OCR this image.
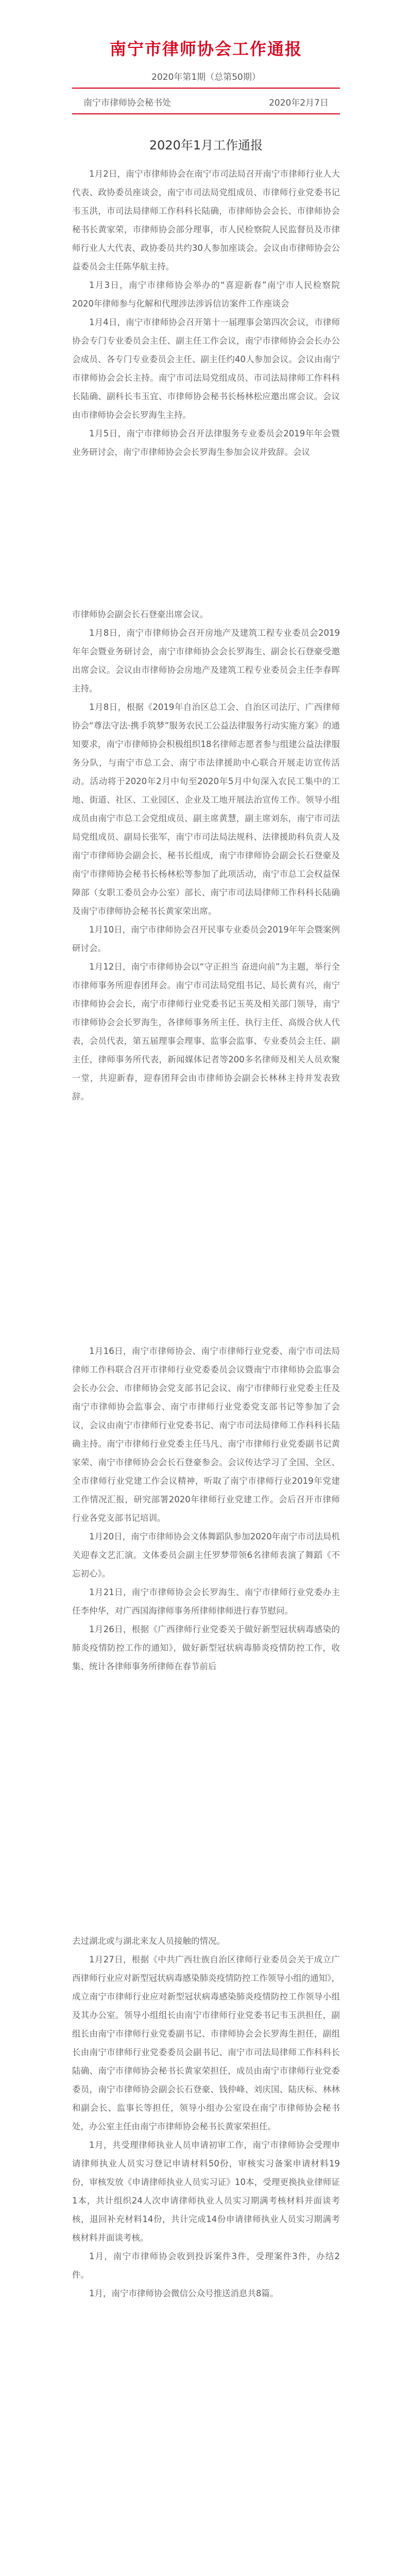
南宁市律师协会工作通报
2020年第1期（总第50期）
南宁市律师协会秘书处	2020年2月7日
2020年1月工作通报

1月2日，南宁市律师协会在南宁市司法局召开南宁市律师行业人大代表、政协委员座谈会，南宁市司法局党组成员、市律师行业党委书记韦玉洪，市司法局律师工作科科长陆确，市律师协会会长、市律师协会秘书长黄家荣，市律师协会部分理事，市人民检察院人民监督员及市律师行业人大代表、政协委员共约30人参加座谈会。会议由市律师协会公益委员会主任陈华航主持。

1月3日，南宁市律师协会举办的“喜迎新春”南宁市人民检察院2020年律师参与化解和代理涉法涉诉信访案件工作座谈会

1月4日，南宁市律师协会召开第十一届理事会第四次会议，市律师协会专门专业委员会主任、副主任工作会议，南宁市律师协会会长办公会成员、各专门专业委员会主任、副主任约40人参加会议。会议由南宁市律师协会会长主持。南宁市司法局党组成员、市司法局律师工作科科长陆确、副科长韦玉宜、市律师协会秘书长杨林松应邀出席会议。会议由市律师协会会长罗海生主持。

1月5日，南宁市律师协会召开法律服务专业委员会2019年年会暨业务研讨会，南宁市律师协会会长罗海生参加会议并致辞。会议

市律师协会副会长石登豪出席会议。

1月8日，南宁市律师协会召开房地产及建筑工程专业委员会2019年年会暨业务研讨会，南宁市律师协会会长罗海生、副会长石登豪受邀出席会议。会议由市律师协会房地产及建筑工程专业委员会主任李春晖主持。

1月8日，根据《2019年自治区总工会、自治区司法厅、广西律师协会“尊法守法·携手筑梦”服务农民工公益法律服务行动实施方案》的通知要求，南宁市律师协会积极组织18名律师志愿者参与组建公益法律服务分队，与南宁市总工会、南宁市法律援助中心联合开展走访宣传活动。活动将于2020年2月中旬至2020年5月中旬深入农民工集中的工地、街道、社区、工业园区、企业及工地开展法治宣传工作。领导小组成员由南宁市总工会党组成员、副主席黄慧，副主席刘东，南宁市司法局党组成员、副局长张军，南宁市司法局法规科、法律援助科负责人及南宁市律师协会副会长、秘书长组成，南宁市律师协会副会长石登豪及南宁市律师协会秘书长杨林松等参加了此项活动，南宁市总工会权益保障部（女职工委员会办公室）部长、南宁市司法局律师工作科科长陆确及南宁市律师协会秘书长黄家荣出席。

1月10日，南宁市律师协会召开民事专业委员会2019年年会暨案例研讨会。

1月12日，南宁市律师协会以“守正担当 奋进向前”为主题，举行全市律师事务所迎春团拜会。南宁市司法局党组书记、局长黄有兴，南宁市律师协会会长，南宁市律师行业党委书记玉英及相关部门领导，南宁市律师协会会长罗海生，各律师事务所主任、执行主任、高级合伙人代表，会员代表，第五届理事会理事、监事会监事、专业委员会主任、副主任，律师事务所代表，新闻媒体记者等200多名律师及相关人员欢聚一堂，共迎新春，迎春团拜会由市律师协会副会长林林主持并发表致辞。

1月16日，南宁市律师协会、南宁市律师行业党委、南宁市司法局律师工作科联合召开市律师行业党委委员会议暨南宁市律师协会监事会会长办公会、市律师协会党支部书记会议、南宁市律师行业党委主任及南宁市律师协会监事会、南宁市律师行业党委党支部书记等参加了会议，会议由南宁市律师行业党委书记、南宁市司法局律师工作科科长陆确主持。南宁市律师行业党委主任马凡、南宁市律师行业党委副书记黄家荣、南宁市律师协会会长石登豪参会。会议传达学习了全国、全区、全市律师行业党建工作会议精神，听取了南宁市律师行业2019年党建工作情况汇报，研究部署2020年律师行业党建工作。会后召开市律师行业各党支部书记培训。

1月20日，南宁市律师协会文体舞蹈队参加2020年南宁市司法局机关迎春文艺汇演。文体委员会副主任罗梦带领6名律师表演了舞蹈《不忘初心》。

1月21日，南宁市律师协会会长罗海生、南宁市律师行业党委办主任李仲华，对广西国海律师事务所律师律师进行春节慰问。

1月26日，根据《广西律师行业党委关于做好新型冠状病毒感染的肺炎疫情防控工作的通知》，做好新型冠状病毒肺炎疫情防控工作，收集、统计各律师事务所律师在春节前后

去过湖北或与湖北来友人员接触的情况。

1月27日，根据《中共广西壮族自治区律师行业委员会关于成立广西律师行业应对新型冠状病毒感染肺炎疫情防控工作领导小组的通知》，成立南宁市律师行业应对新型冠状病毒感染肺炎疫情防控工作领导小组及其办公室。领导小组组长由南宁市律师行业党委书记韦玉洪担任，副组长由南宁市律师行业党委副书记、市律师协会会长罗海生担任，副组长由南宁市律师行业党委委员会副书记、南宁市司法局律师工作科科长陆确、南宁市律师协会秘书长黄家荣担任，成员由南宁市律师行业党委委员，南宁市律师协会副会长石登豪、钱仲峰、刘庆国、陆庆标、林林和副会长、监事长等担任，领导小组办公室设在南宁市律师协会秘书处，办公室主任由南宁市律师协会秘书长黄家荣担任。

1月，共受理律师执业人员申请初审工作，南宁市律师协会受理申请律师执业人员实习登记申请材料50份，审核实习备案申请材料19份，审核发放《申请律师执业人员实习证》10本，受理更换执业律师证1本，共计组织24人次申请律师执业人员实习期满考核材料并面谈考核，退回补充材料14份，共计完成14份申请律师执业人员实习期满考核材料并面谈考核。

1月，南宁市律师协会收到投诉案件3件，受理案件3件，办结2件。

1月，南宁市律师协会微信公众号推送消息共8篇。
